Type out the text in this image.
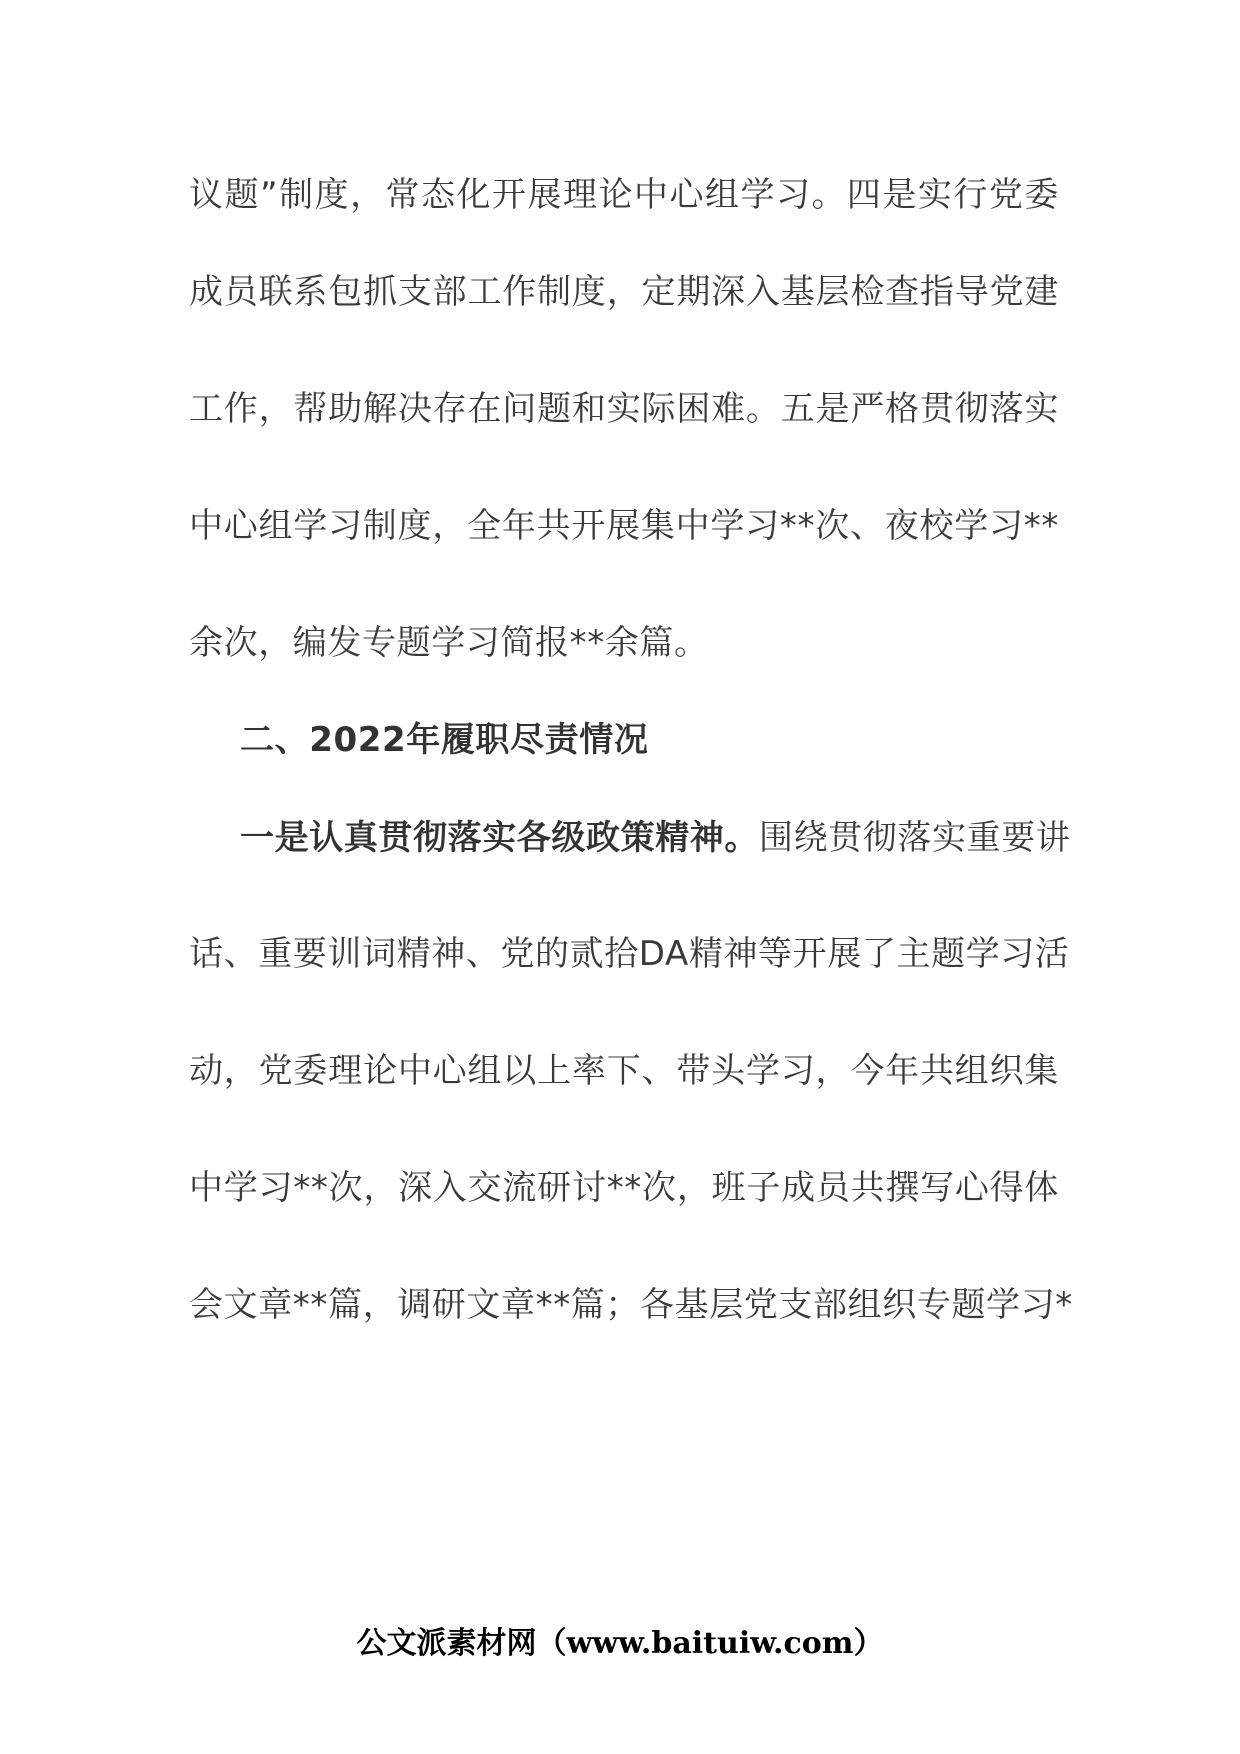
议题”制度，常态化开展理论中心组学习。四是实行党委
成员联系包抓支部工作制度，定期深入基层检查指导党建
工作，帮助解决存在问题和实际困难。五是严格贯彻落实
中心组学习制度，全年共开展集中学习**次、夜校学习**
余次，编发专题学习简报**余篇。
二、2022年履职尽责情况
一是认真贯彻落实各级政策精神。围绕贯彻落实重要讲
话、重要训词精神、党的贰拾DA精神等开展了主题学习活
动，党委理论中心组以上率下、带头学习，今年共组织集
中学习**次，深入交流研讨**次，班子成员共撰写心得体
会文章**篇，调研文章**篇；各基层党支部组织专题学习*
公文派素材网（www.baituiw.com）
